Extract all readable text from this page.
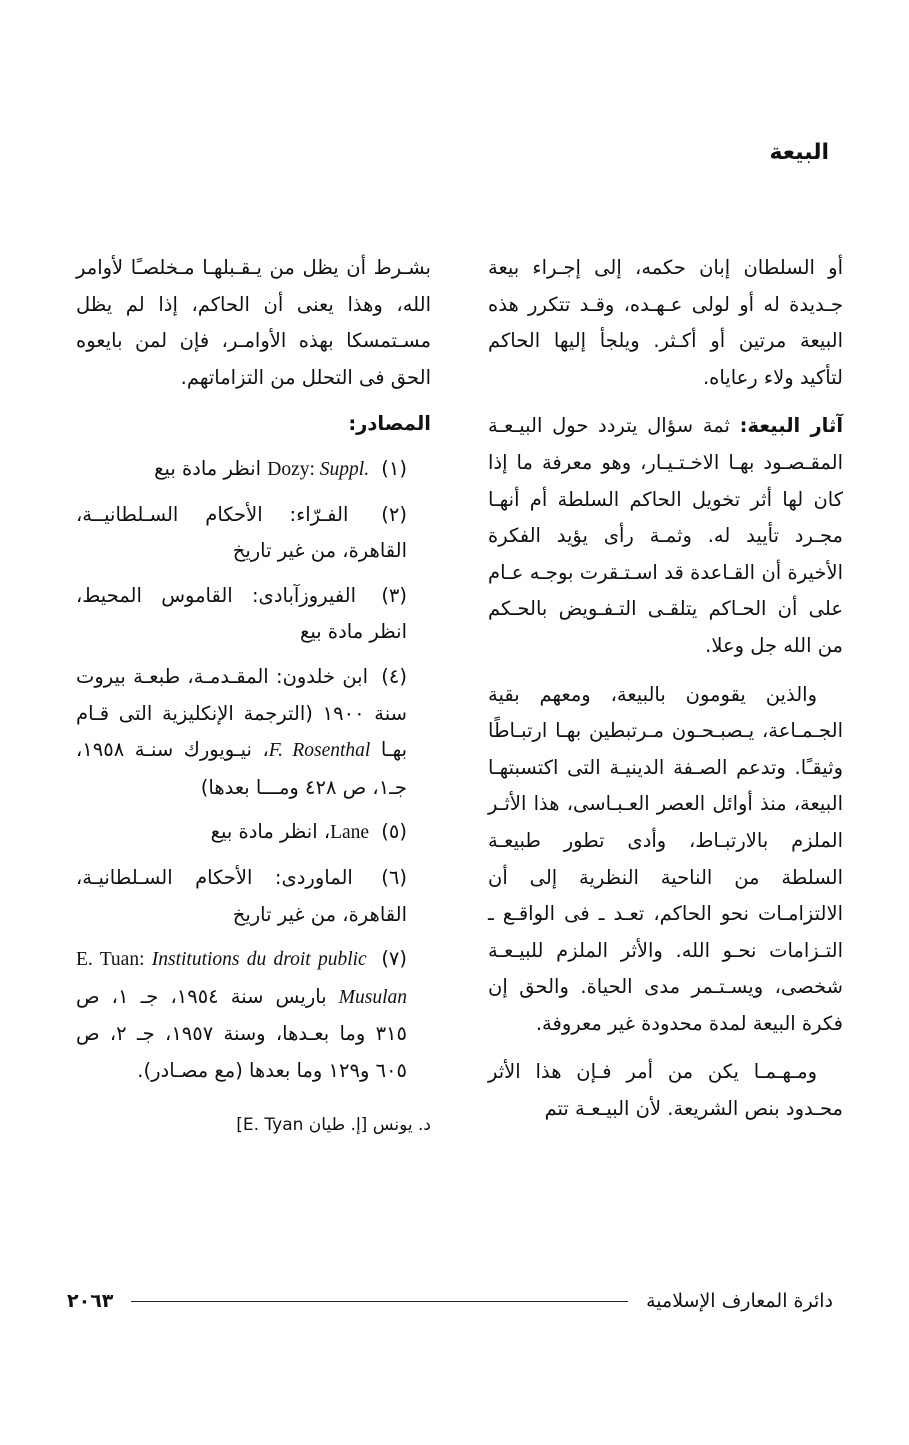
البيعة

أو السلطان إبان حكمه، إلى إجـراء بيعة جـديدة له أو لولى عـهـده، وقـد تتكرر هذه البيعة مرتين أو أكـثر. ويلجأ إليها الحاكم لتأكيد ولاء رعاياه.

آثار البيعة: ثمة سؤال يتردد حول البيـعـة المقـصـود بهـا الاخـتـيـار، وهو معرفة ما إذا كان لها أثر تخويل الحاكم السلطة أم أنهـا مجـرد تأييد له. وثمـة رأى يؤيد الفكرة الأخيرة أن القـاعدة قد اسـتـقرت بوجـه عـام على أن الحـاكم يتلقـى التـفـويض بالحـكم من الله جل وعلا.

والذين يقومون بالبيعة، ومعهم بقية الجـمـاعة، يـصبـحـون مـرتبطين بهـا ارتبـاطًا وثيقـًا. وتدعم الصـفة الدينيـة التى اكتسبتهـا البيعة، منذ أوائل العصر العـبـاسى، هذا الأثـر الملزم بالارتبـاط، وأدى تطور طبيعـة السلطة من الناحية النظرية إلى أن الالتزامـات نحو الحاكم، تعـد ـ فى الواقـع ـ التـزامات نحـو الله. والأثر الملزم للبيـعـة شخصى، ويسـتـمر مدى الحياة. والحق إن فكرة البيعة لمدة محدودة غير معروفة.

ومـهـمـا يكن من أمر فـإن هذا الأثر محـدود بنص الشريعة. لأن البيـعـة تتم

بشـرط أن يظل من يـقـبلهـا مـخلصـًا لأوامر الله، وهذا يعنى أن الحاكم، إذا لم يظل مسـتمسكا بهذه الأوامـر، فإن لمن بايعوه الحق فى التحلل من التزاماتهم.

المصادر:
(١) Dozy: Suppl. انظر مادة بيع
(٢) الفـرّاء: الأحكام السـلطانيــة، القاهرة، من غير تاريخ
(٣) الفيروزآبادى: القاموس المحيط، انظر مادة بيع
(٤) ابن خلدون: المقـدمـة، طبعـة بيروت سنة ١٩٠٠ (الترجمة الإنكليزية التى قـام بهـا F. Rosenthal، نيـويورك سنـة ١٩٥٨، جـ١، ص ٤٢٨ ومـــا بعدها)
(٥) Lane، انظر مادة بيع
(٦) الماوردى: الأحكام السـلطانيـة، القاهرة، من غير تاريخ
(٧) E. Tuan: Institutions du droit public Musulan باريس سنة ١٩٥٤، جـ ١، ص ٣١٥ وما بعـدها، وسنة ١٩٥٧، جـ ٢، ص ٦٠٥ و١٢٩ وما بعدها (مع مصـادر).
د. يونس [إ. طيان E. Tyan]
دائرة المعارف الإسلامية
٢٠٦٣
